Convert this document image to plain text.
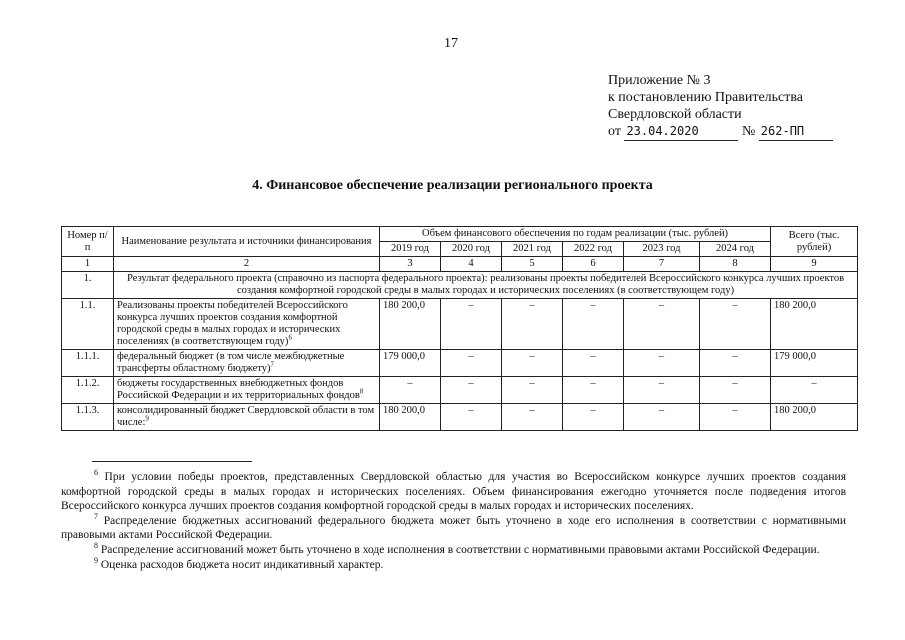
17
Приложение № 3
к постановлению Правительства
Свердловской области
от 23.04.2020	№ 262-ПП
4. Финансовое обеспечение реализации регионального проекта
Номер п/п	Наименование результата и источники финансирования	Объем финансового обеспечения по годам реализации (тыс. рублей)						Всего (тыс. рублей)
		2019 год	2020 год	2021 год	2022 год	2023 год	2024 год	
1	2	3	4	5	6	7	8	9
1.	Результат федерального проекта (справочно из паспорта федерального проекта): реализованы проекты победителей Всероссийского конкурса лучших проектов создания комфортной городской среды в малых городах и исторических поселениях (в соответствующем году)							
1.1.	Реализованы проекты победителей Всероссийского конкурса лучших проектов создания комфортной городской среды в малых городах и исторических поселениях (в соответствующем году)$^6$	180 200,0	–	–	–	–	–	180 200,0
1.1.1.	федеральный бюджет (в том числе межбюджетные трансферты областному бюджету)$^7$	179 000,0	–	–	–	–	–	179 000,0
1.1.2.	бюджеты государственных внебюджетных фондов Российской Федерации и их территориальных фондов$^8$	–	–	–	–	–	–	–
1.1.3.	консолидированный бюджет Свердловской области в том числе:$^9$	180 200,0	–	–	–	–	–	180 200,0

$^6$ При условии победы проектов, представленных Свердловской областью для участия во Всероссийском конкурсе лучших проектов создания комфортной городской среды в малых городах и исторических поселениях. Объем финансирования ежегодно уточняется после подведения итогов Всероссийского конкурса лучших проектов создания комфортной городской среды в малых городах и исторических поселениях.

$^7$ Распределение бюджетных ассигнований федерального бюджета может быть уточнено в ходе его исполнения в соответствии с нормативными правовыми актами Российской Федерации.

$^8$ Распределение ассигнований может быть уточнено в ходе исполнения в соответствии с нормативными правовыми актами Российской Федерации.

$^9$ Оценка расходов бюджета носит индикативный характер.
